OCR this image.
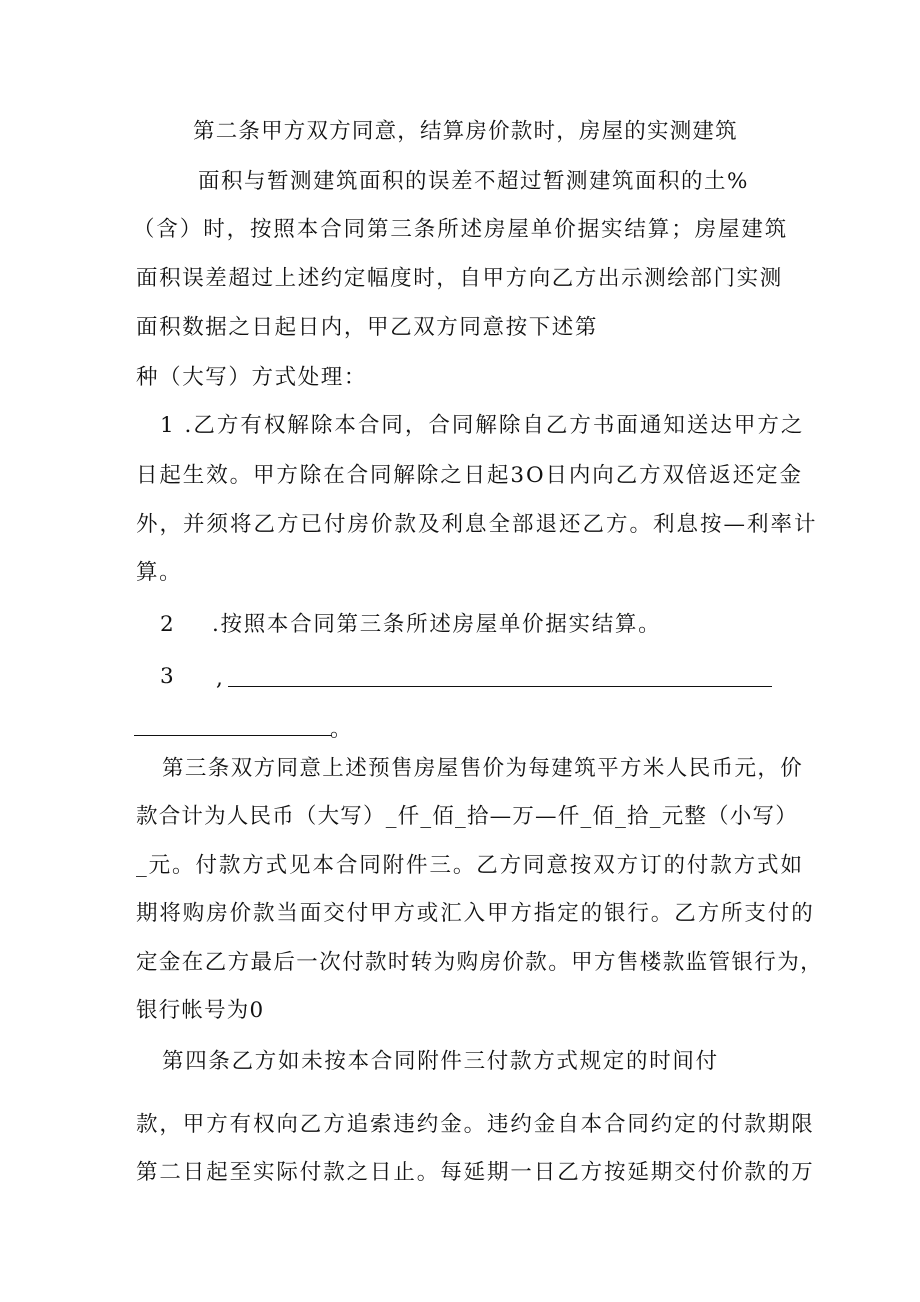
第二条甲方双方同意，结算房价款时，房屋的实测建筑
面积与暂测建筑面积的误差不超过暂测建筑面积的土%
（含）时，按照本合同第三条所述房屋单价据实结算；房屋建筑
面积误差超过上述约定幅度时，自甲方向乙方出示测绘部门实测
面积数据之日起日内，甲乙双方同意按下述第
种（大写）方式处理：
1 .乙方有权解除本合同，合同解除自乙方书面通知送达甲方之
日起生效。甲方除在合同解除之日起3O日内向乙方双倍返还定金
外，并须将乙方已付房价款及利息全部退还乙方。利息按—利率计
算。
2 .按照本合同第三条所述房屋单价据实结算。
3 ,
。
第三条双方同意上述预售房屋售价为每建筑平方米人民币元，价
款合计为人民币（大写）_仟_佰_拾—万—仟_佰_拾_元整（小写）
_元。付款方式见本合同附件三。乙方同意按双方订的付款方式如
期将购房价款当面交付甲方或汇入甲方指定的银行。乙方所支付的
定金在乙方最后一次付款时转为购房价款。甲方售楼款监管银行为，
银行帐号为0
第四条乙方如未按本合同附件三付款方式规定的时间付
款，甲方有权向乙方追索违约金。违约金自本合同约定的付款期限
第二日起至实际付款之日止。每延期一日乙方按延期交付价款的万
